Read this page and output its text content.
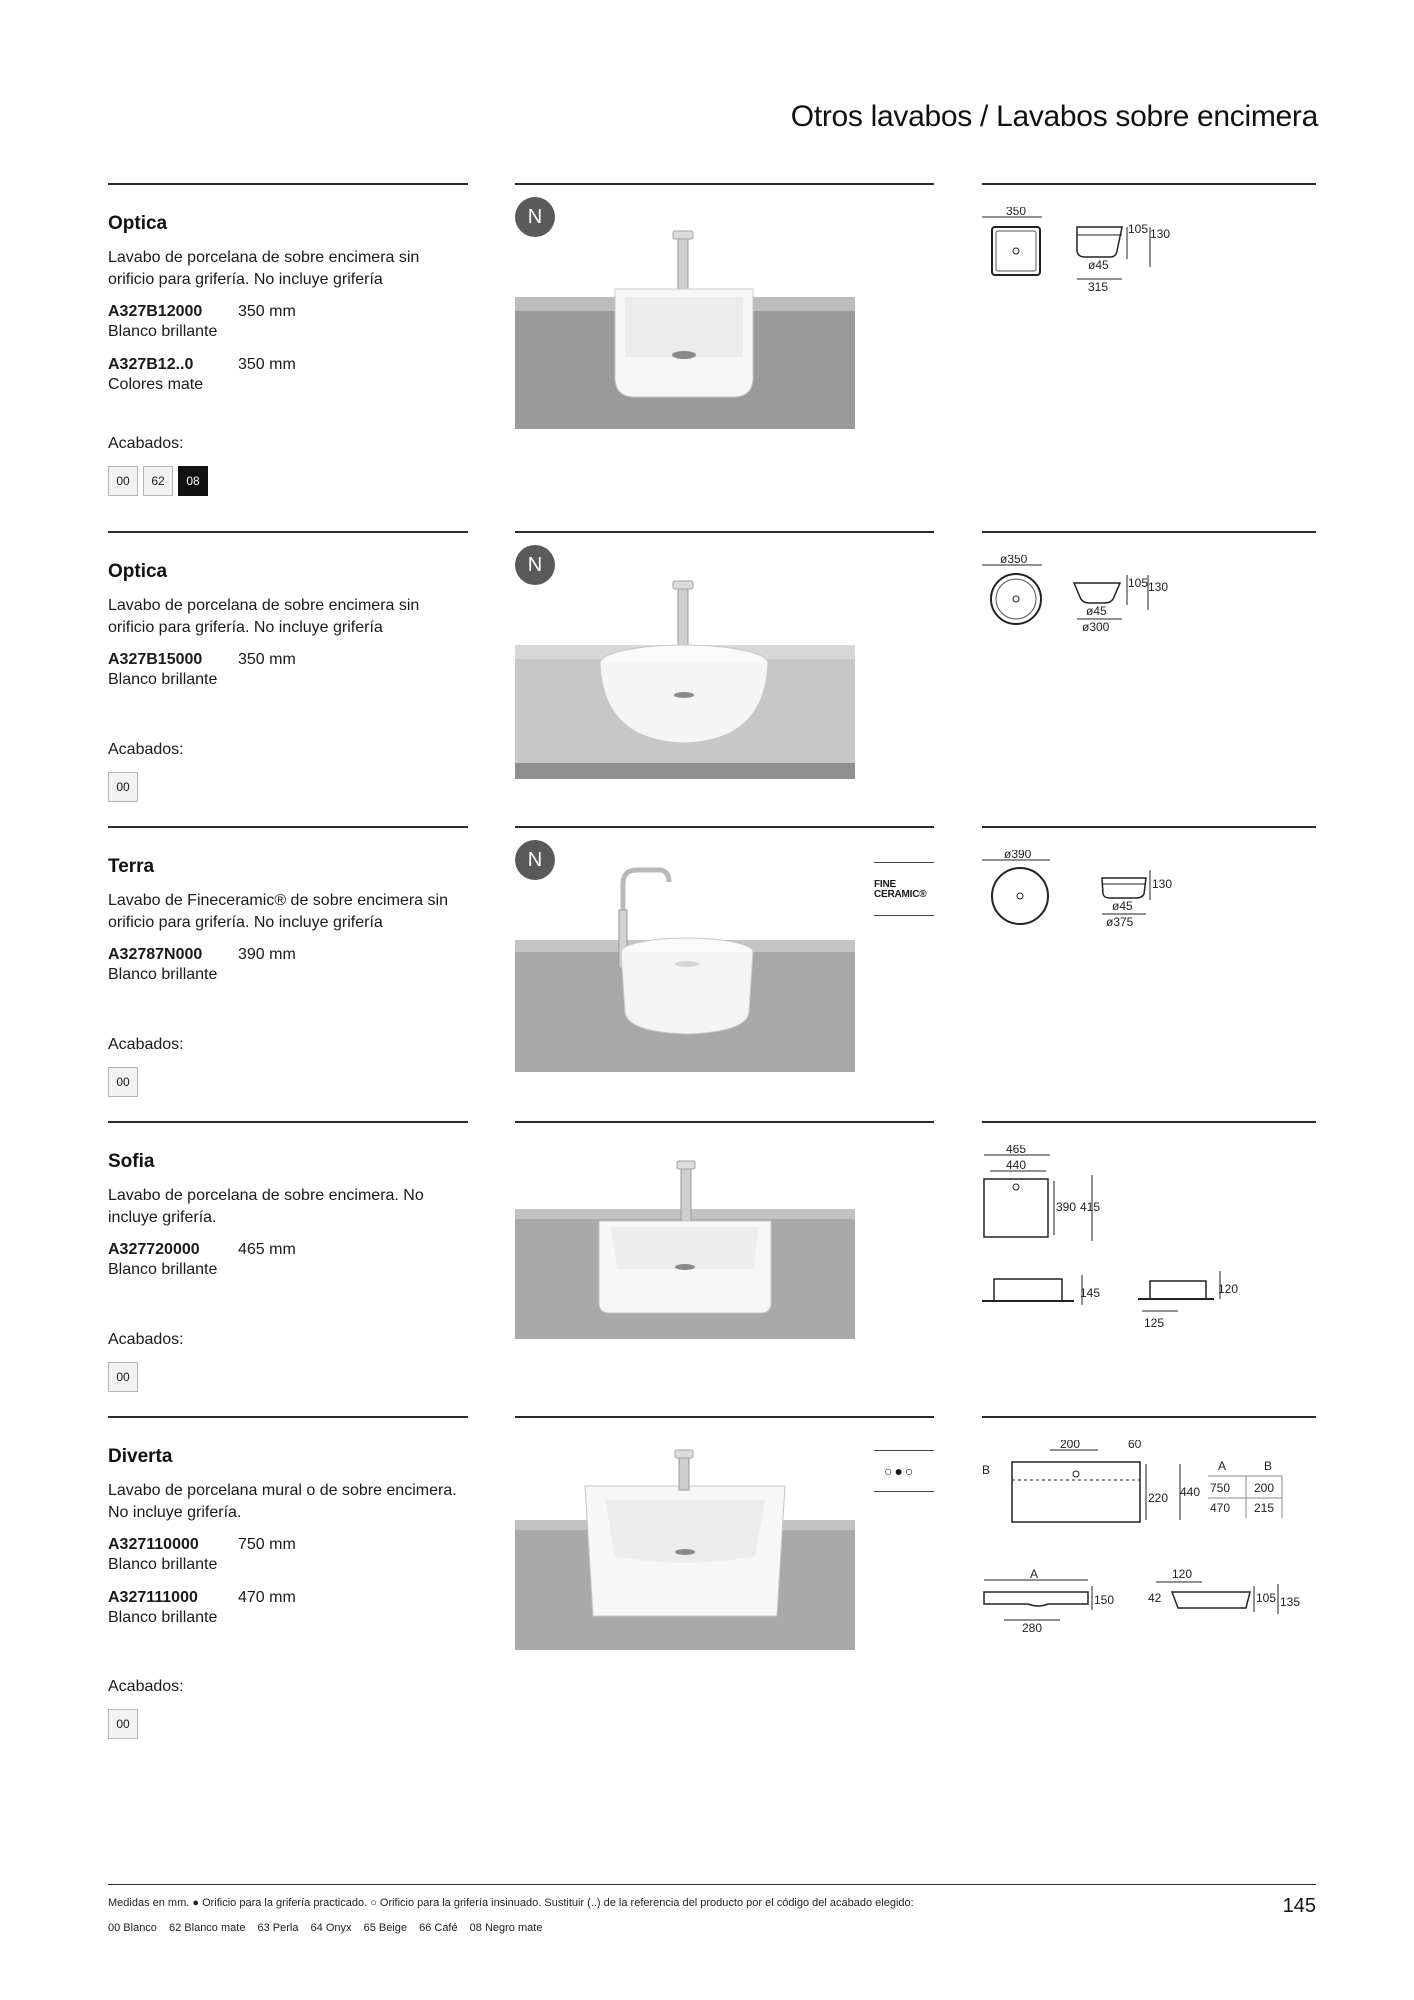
Otros lavabos / Lavabos sobre encimera
Optica
Lavabo de porcelana de sobre encimera sin orificio para grifería. No incluye grifería
A327B12000 350 mm
Blanco brillante
A327B12..0	350 mm
Colores mate
Acabados:
00	62	08
N	350
105 130
ø45
315
Optica
Lavabo de porcelana de sobre encimera sin orificio para grifería. No incluye grifería
A327B15000 350 mm
Blanco brillante
Acabados:
00
N	ø350
105 130
ø45
ø300
Terra
Lavabo de Fineceramic® de sobre encimera sin orificio para grifería. No incluye grifería
A32787N000 390 mm
Blanco brillante
Acabados:
00
N
FINE
CERAMIC®
ø390
130
ø45
ø375
Sofia
Lavabo de porcelana de sobre encimera. No incluye grifería.
A327720000 465 mm
Blanco brillante
Acabados:
00
465
440
390 415
145	120
125
Diverta
Lavabo de porcelana mural o de sobre encimera. No incluye grifería.
A327110000 750 mm
Blanco brillante
A327111000	470 mm
Blanco brillante
Acabados:
00
○●○
200	60
B
220 440
A	B
750 200
470 215
A
150
280
120
42	105 135
Medidas en mm. ● Orificio para la grifería practicado. ○ Orificio para la grifería insinuado. Sustituir (..) de la referencia del producto por el código del acabado elegido:
00 Blanco 62 Blanco mate 63 Perla 64 Onyx 65 Beige 66 Café 08 Negro mate
145
